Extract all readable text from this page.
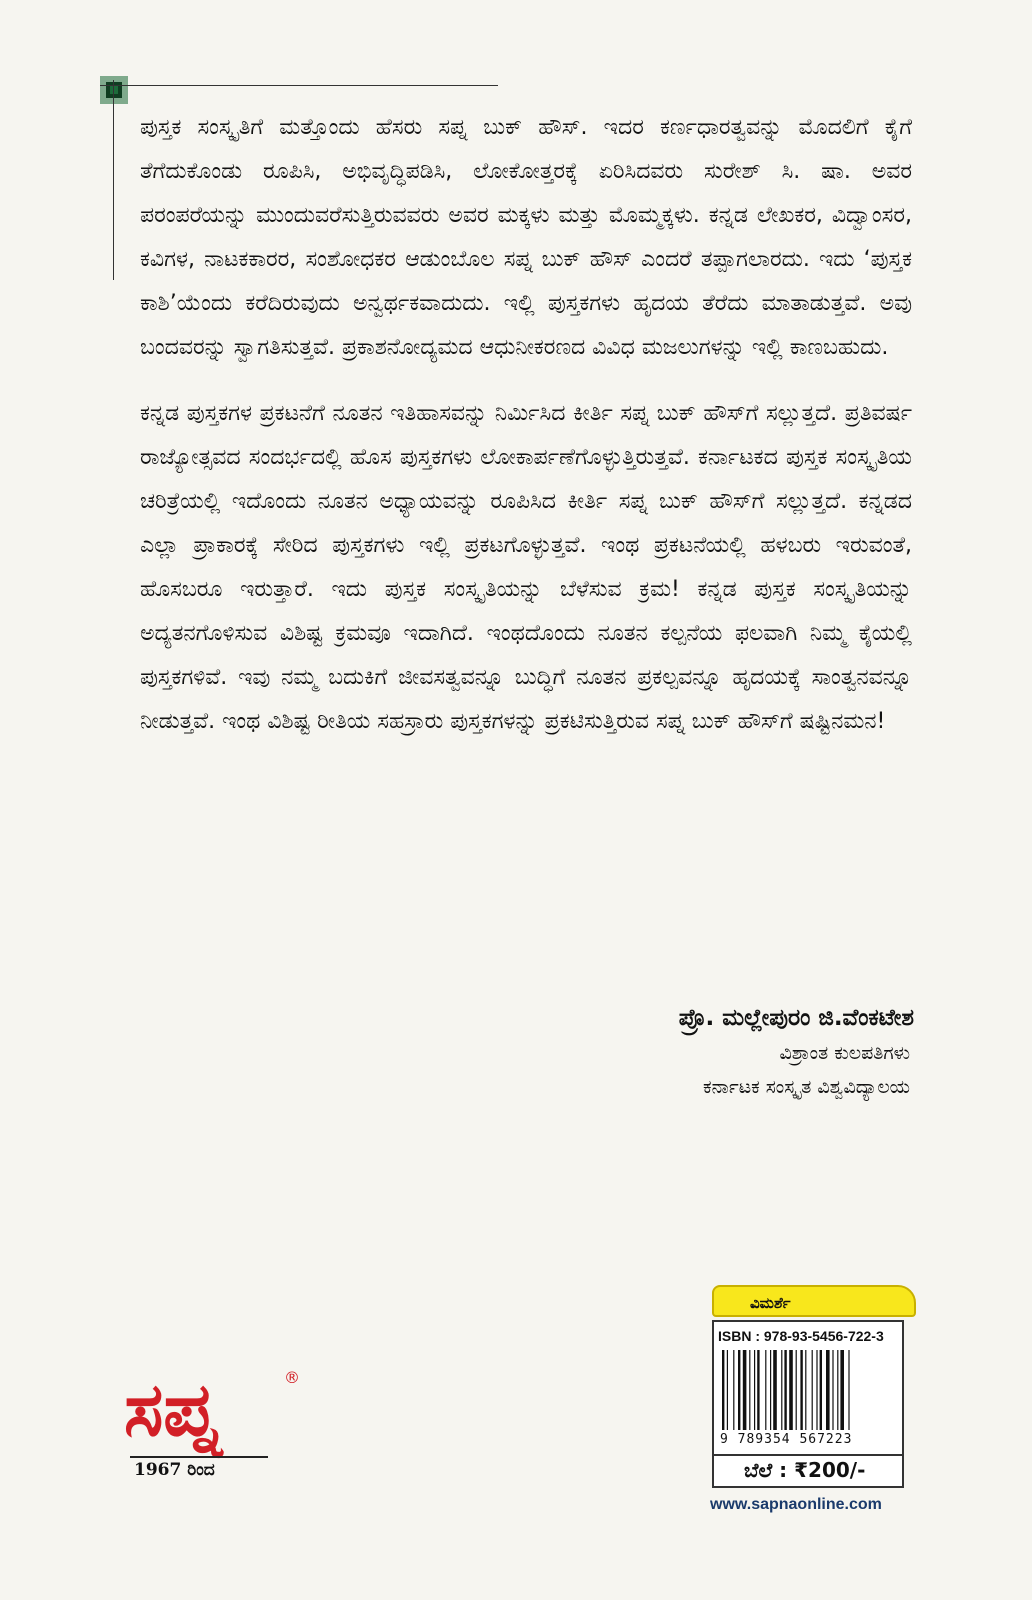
ಪುಸ್ತಕ ಸಂಸ್ಕೃತಿಗೆ ಮತ್ತೊಂದು ಹೆಸರು ಸಪ್ನ ಬುಕ್ ಹೌಸ್. ಇದರ ಕರ್ಣಧಾರತ್ವವನ್ನು ಮೊದಲಿಗೆ ಕೈಗೆ ತೆಗೆದುಕೊಂಡು ರೂಪಿಸಿ, ಅಭಿವೃದ್ಧಿಪಡಿಸಿ, ಲೋಕೋತ್ತರಕ್ಕೆ ಏರಿಸಿದವರು ಸುರೇಶ್ ಸಿ. ಷಾ. ಅವರ ಪರಂಪರೆಯನ್ನು ಮುಂದುವರೆಸುತ್ತಿರುವವರು ಅವರ ಮಕ್ಕಳು ಮತ್ತು ಮೊಮ್ಮಕ್ಕಳು. ಕನ್ನಡ ಲೇಖಕರ, ವಿದ್ವಾಂಸರ, ಕವಿಗಳ, ನಾಟಕಕಾರರ, ಸಂಶೋಧಕರ ಆಡುಂಬೊಲ ಸಪ್ನ ಬುಕ್ ಹೌಸ್ ಎಂದರೆ ತಪ್ಪಾಗಲಾರದು. ಇದು ‘ಪುಸ್ತಕ ಕಾಶಿ’ಯೆಂದು ಕರೆದಿರುವುದು ಅನ್ವರ್ಥಕವಾದುದು. ಇಲ್ಲಿ ಪುಸ್ತಕಗಳು ಹೃದಯ ತೆರೆದು ಮಾತಾಡುತ್ತವೆ. ಅವು ಬಂದವರನ್ನು ಸ್ವಾಗತಿಸುತ್ತವೆ. ಪ್ರಕಾಶನೋದ್ಯಮದ ಆಧುನೀಕರಣದ ವಿವಿಧ ಮಜಲುಗಳನ್ನು ಇಲ್ಲಿ ಕಾಣಬಹುದು.

ಕನ್ನಡ ಪುಸ್ತಕಗಳ ಪ್ರಕಟನೆಗೆ ನೂತನ ಇತಿಹಾಸವನ್ನು ನಿರ್ಮಿಸಿದ ಕೀರ್ತಿ ಸಪ್ನ ಬುಕ್ ಹೌಸ್‌ಗೆ ಸಲ್ಲುತ್ತದೆ. ಪ್ರತಿವರ್ಷ ರಾಜ್ಯೋತ್ಸವದ ಸಂದರ್ಭದಲ್ಲಿ ಹೊಸ ಪುಸ್ತಕಗಳು ಲೋಕಾರ್ಪಣೆಗೊಳ್ಳುತ್ತಿರುತ್ತವೆ. ಕರ್ನಾಟಕದ ಪುಸ್ತಕ ಸಂಸ್ಕೃತಿಯ ಚರಿತ್ರೆಯಲ್ಲಿ ಇದೊಂದು ನೂತನ ಅಧ್ಯಾಯವನ್ನು ರೂಪಿಸಿದ ಕೀರ್ತಿ ಸಪ್ನ ಬುಕ್ ಹೌಸ್‌ಗೆ ಸಲ್ಲುತ್ತದೆ. ಕನ್ನಡದ ಎಲ್ಲಾ ಪ್ರಾಕಾರಕ್ಕೆ ಸೇರಿದ ಪುಸ್ತಕಗಳು ಇಲ್ಲಿ ಪ್ರಕಟಗೊಳ್ಳುತ್ತವೆ. ಇಂಥ ಪ್ರಕಟನೆಯಲ್ಲಿ ಹಳಬರು ಇರುವಂತೆ, ಹೊಸಬರೂ ಇರುತ್ತಾರೆ. ಇದು ಪುಸ್ತಕ ಸಂಸ್ಕೃತಿಯನ್ನು ಬೆಳೆಸುವ ಕ್ರಮ! ಕನ್ನಡ ಪುಸ್ತಕ ಸಂಸ್ಕೃತಿಯನ್ನು ಅದ್ಯತನಗೊಳಿಸುವ ವಿಶಿಷ್ಟ ಕ್ರಮವೂ ಇದಾಗಿದೆ. ಇಂಥದೊಂದು ನೂತನ ಕಲ್ಪನೆಯ ಫಲವಾಗಿ ನಿಮ್ಮ ಕೈಯಲ್ಲಿ ಪುಸ್ತಕಗಳಿವೆ. ಇವು ನಮ್ಮ ಬದುಕಿಗೆ ಜೀವಸತ್ವವನ್ನೂ ಬುದ್ಧಿಗೆ ನೂತನ ಪ್ರಕಲ್ಪವನ್ನೂ ಹೃದಯಕ್ಕೆ ಸಾಂತ್ವನವನ್ನೂ ನೀಡುತ್ತವೆ. ಇಂಥ ವಿಶಿಷ್ಟ ರೀತಿಯ ಸಹಸ್ರಾರು ಪುಸ್ತಕಗಳನ್ನು ಪ್ರಕಟಿಸುತ್ತಿರುವ ಸಪ್ನ ಬುಕ್ ಹೌಸ್‌ಗೆ ಷಷ್ಟಿನಮನ!

ಪ್ರೊ. ಮಲ್ಲೇಪುರಂ ಜಿ.ವೆಂಕಟೇಶ
ವಿಶ್ರಾಂತ ಕುಲಪತಿಗಳು
ಕರ್ನಾಟಕ ಸಂಸ್ಕೃತ ವಿಶ್ವವಿದ್ಯಾಲಯ
ಸಪ್ನ	®
1967 ರಿಂದ
ವಿಮರ್ಶೆ
ISBN : 978-93-5456-722-3
9 789354 567223
ಬೆಲೆ : ₹200/-
www.sapnaonline.com
